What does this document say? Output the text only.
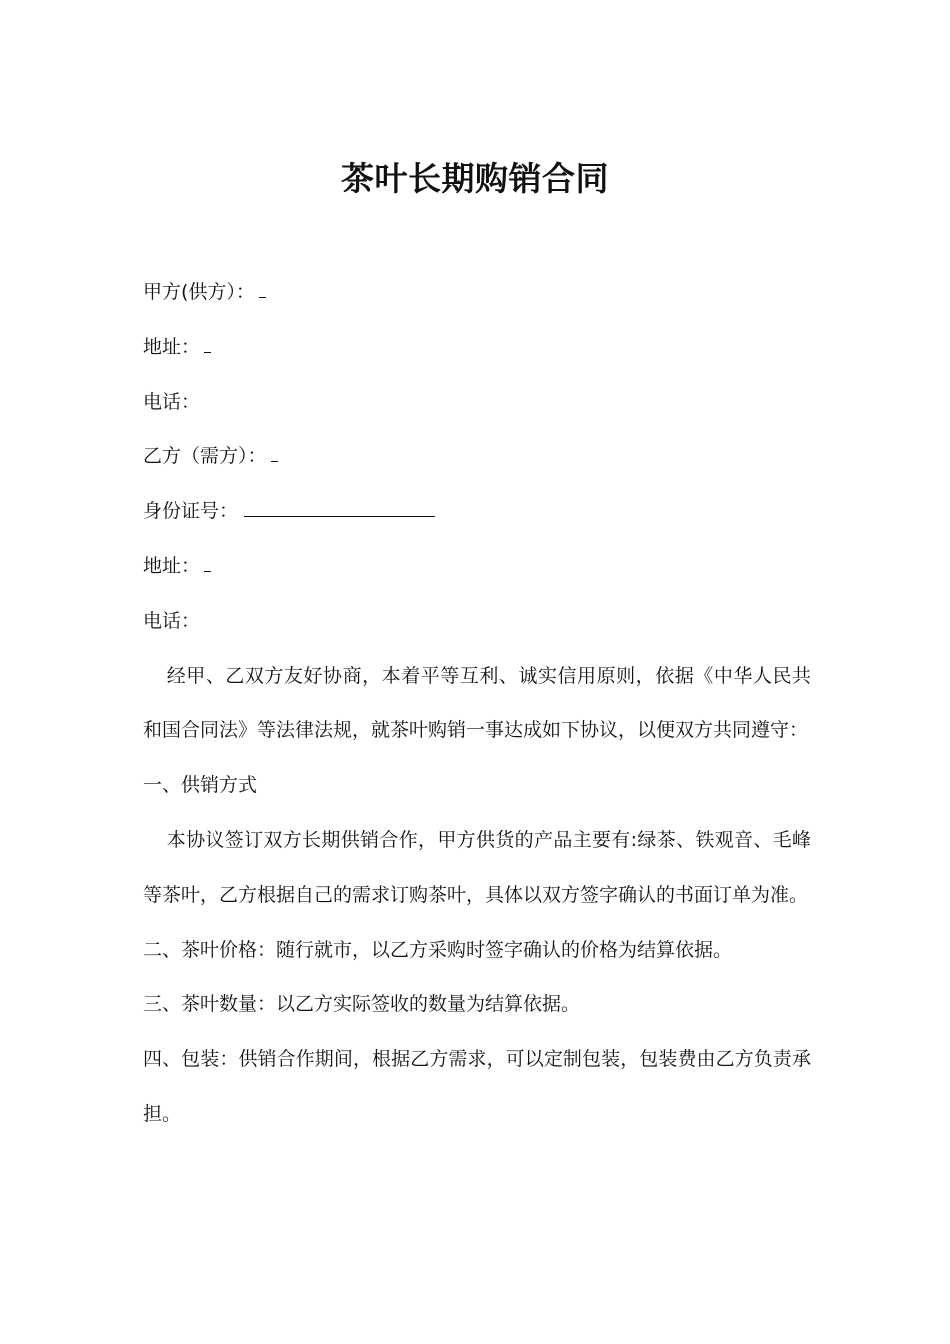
茶叶长期购销合同
甲方(供方）：
地址：
电话：
乙方（需方）：
身份证号：
地址：
电话：
经甲、乙双方友好协商，本着平等互利、诚实信用原则，依据《中华人民共和国合同法》等法律法规，就茶叶购销一事达成如下协议，以便双方共同遵守：
一、供销方式
本协议签订双方长期供销合作，甲方供货的产品主要有:绿茶、铁观音、毛峰等茶叶，乙方根据自己的需求订购茶叶，具体以双方签字确认的书面订单为准。
二、茶叶价格：随行就市，以乙方采购时签字确认的价格为结算依据。
三、茶叶数量：以乙方实际签收的数量为结算依据。
四、包装：供销合作期间，根据乙方需求，可以定制包装，包装费由乙方负责承担。
